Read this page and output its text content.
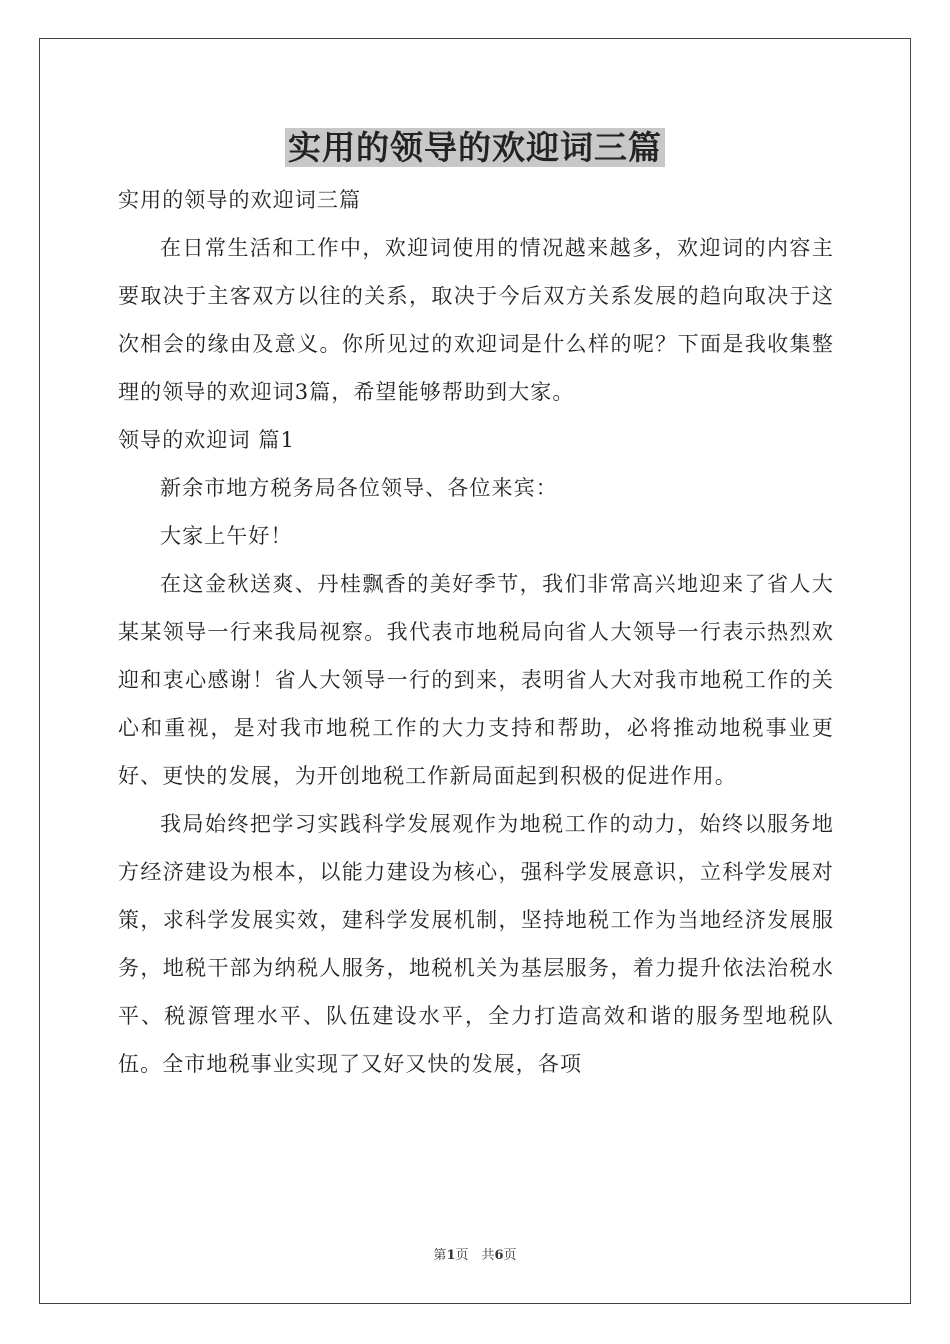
实用的领导的欢迎词三篇

实用的领导的欢迎词三篇

在日常生活和工作中，欢迎词使用的情况越来越多，欢迎词的内容主要取决于主客双方以往的关系，取决于今后双方关系发展的趋向取决于这次相会的缘由及意义。你所见过的欢迎词是什么样的呢？下面是我收集整理的领导的欢迎词3篇，希望能够帮助到大家。

领导的欢迎词 篇1

新余市地方税务局各位领导、各位来宾：

大家上午好！

在这金秋送爽、丹桂飘香的美好季节，我们非常高兴地迎来了省人大某某领导一行来我局视察。我代表市地税局向省人大领导一行表示热烈欢迎和衷心感谢！省人大领导一行的到来，表明省人大对我市地税工作的关心和重视，是对我市地税工作的大力支持和帮助，必将推动地税事业更好、更快的发展，为开创地税工作新局面起到积极的促进作用。

我局始终把学习实践科学发展观作为地税工作的动力，始终以服务地方经济建设为根本，以能力建设为核心，强科学发展意识，立科学发展对策，求科学发展实效，建科学发展机制，坚持地税工作为当地经济发展服务，地税干部为纳税人服务，地税机关为基层服务，着力提升依法治税水平、税源管理水平、队伍建设水平，全力打造高效和谐的服务型地税队伍。全市地税事业实现了又好又快的发展，各项

第1页　共6页
